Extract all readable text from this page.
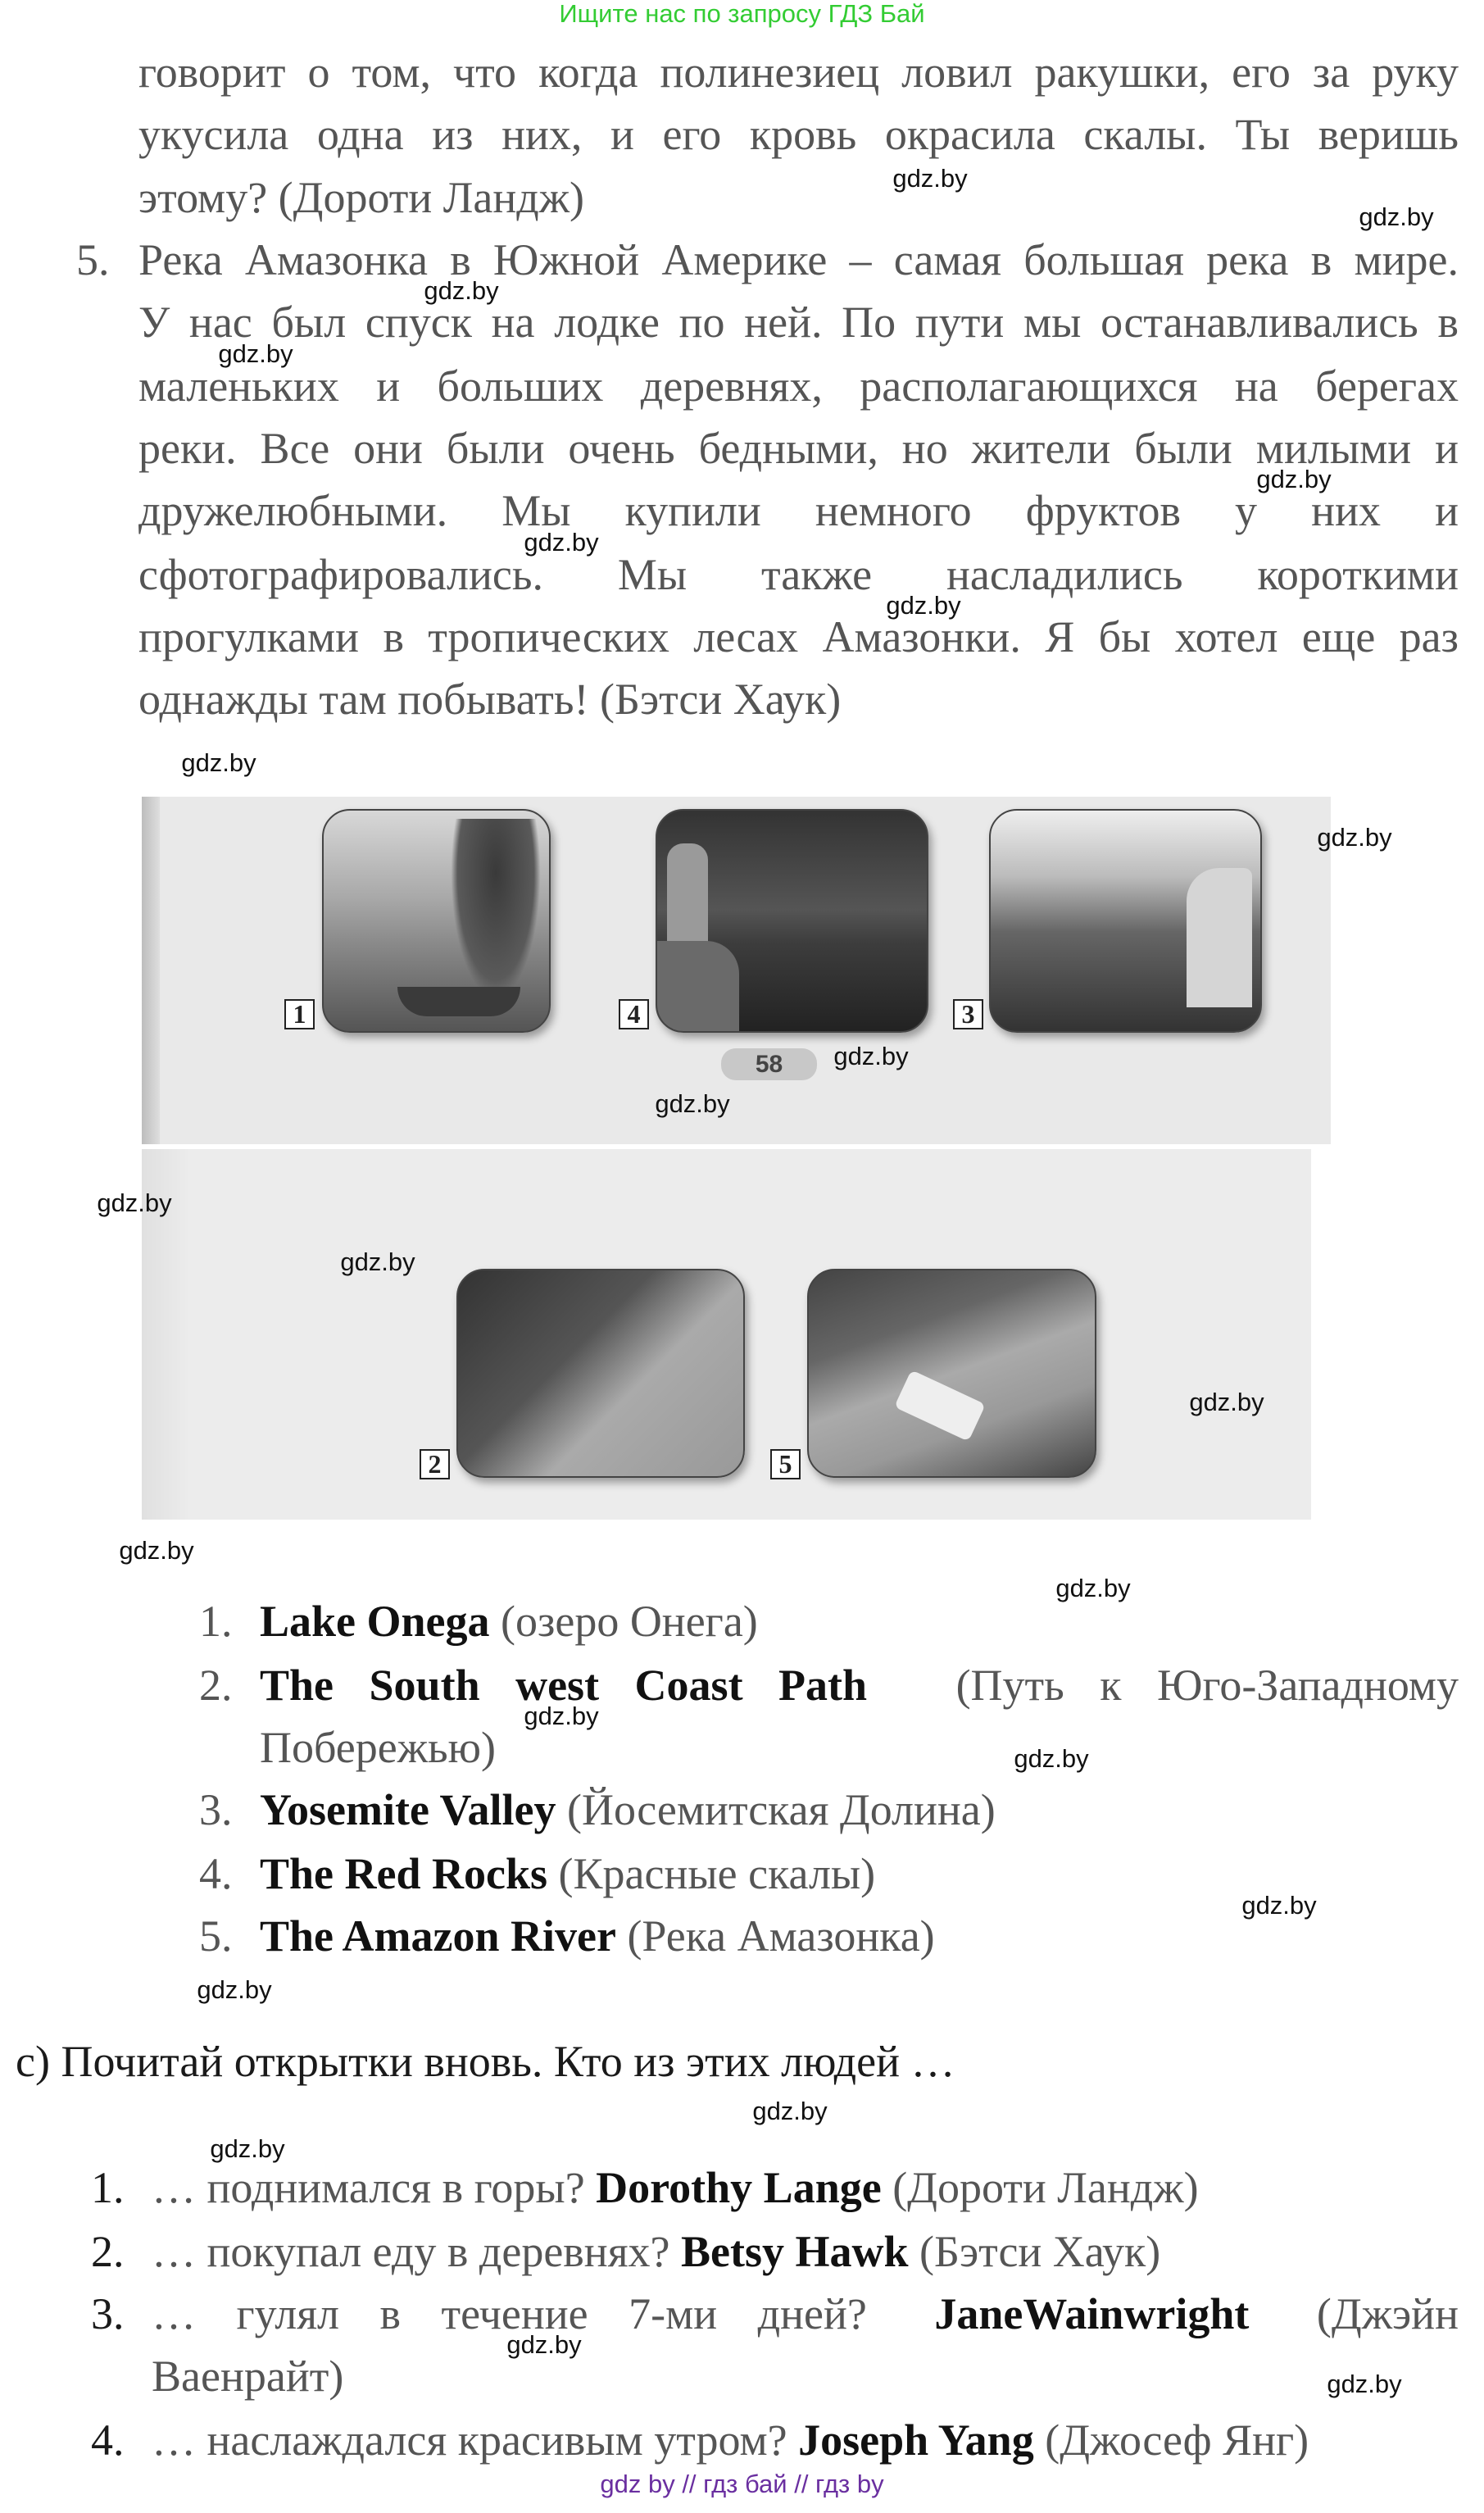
Ищите нас по запросу ГДЗ Бай
говорит о том, что когда полинезиец ловил ракушки, его за руку
укусила одна из них, и его кровь окрасила скалы. Ты веришь
этому? (Дороти Ландж)
5. Река Амазонка в Южной Америке – самая большая река в мире.
У нас был спуск на лодке по ней. По пути мы останавливались в
маленьких и больших деревнях, располагающихся на берегах
реки. Все они были очень бедными, но жители были милыми и
дружелюбными. Мы купили немного фруктов у них и
сфотографировались. Мы также насладились короткими
прогулками в тропических лесах Амазонки. Я бы хотел еще раз
однажды там побывать! (Бэтси Хаук)
1	4	3
58
2	5
1. Lake Onega (озеро Онега)
2. The South west Coast Path (Путь к Юго-Западному
Побережью)
3. Yosemite Valley (Йосемитская Долина)
4. The Red Rocks (Красные скалы)
5. The Amazon River (Река Амазонка)
c) Почитай открытки вновь. Кто из этих людей …
1. … поднимался в горы? Dorothy Lange (Дороти Ландж)
2. … покупал еду в деревнях? Betsy Hawk (Бэтси Хаук)
3. … гулял в течение 7-ми дней? JaneWainwright (Джэйн
Ваенрайт)
4. … наслаждался красивым утром? Joseph Yang (Джосеф Янг)
gdz by // гдз бай // гдз by
gdz.by
gdz.by
gdz.by
gdz.by
gdz.by
gdz.by
gdz.by
gdz.by
gdz.by
gdz.by
gdz.by
gdz.by
gdz.by
gdz.by
gdz.by
gdz.by
gdz.by
gdz.by
gdz.by
gdz.by
gdz.by
gdz.by
gdz.by
gdz.by
